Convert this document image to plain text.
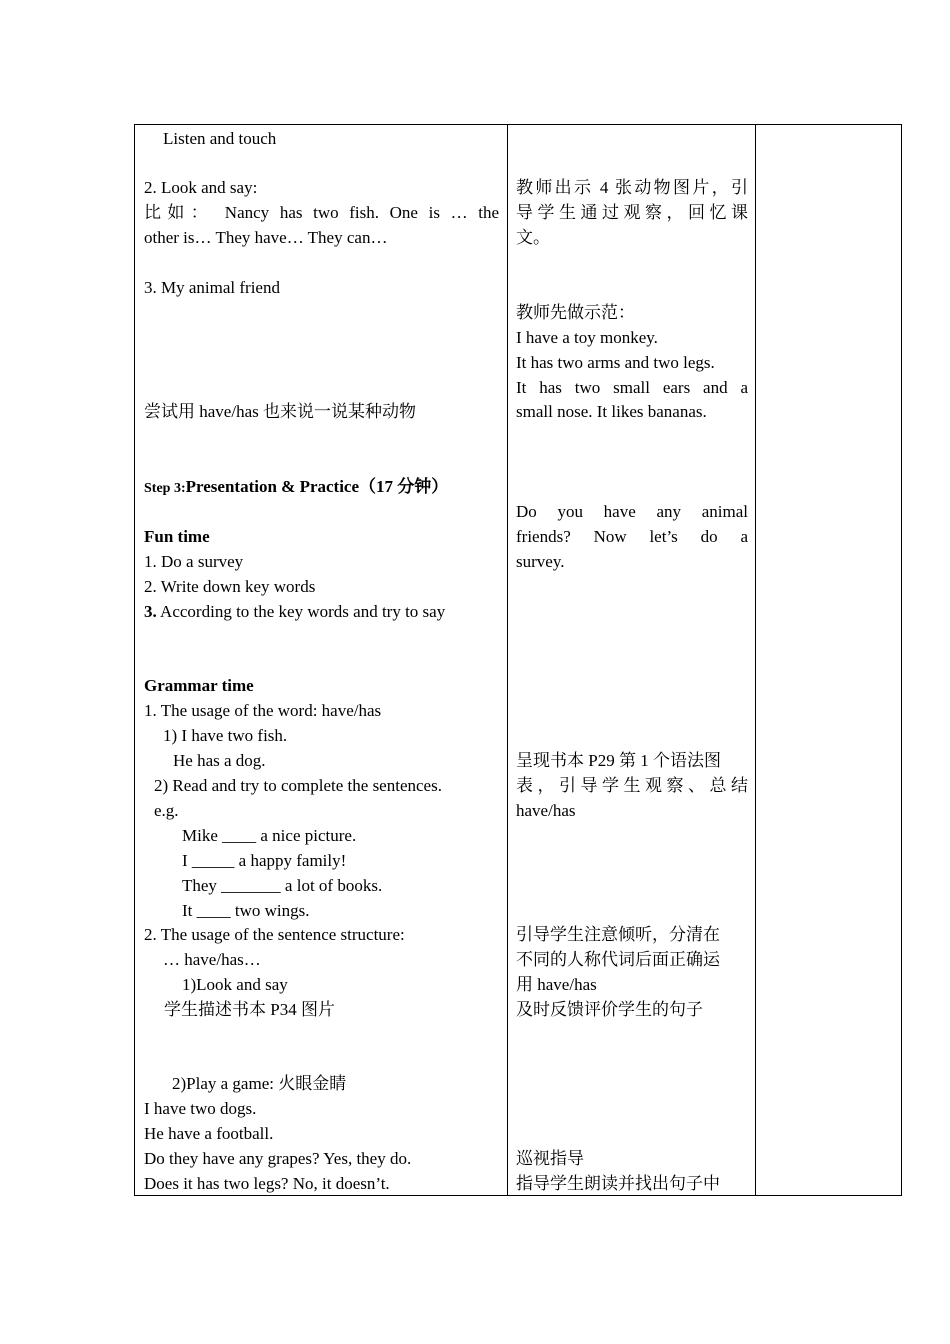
Listen and touch
2. Look and say:
比如： Nancy has two fish. One is … the
other is… They have… They can…
3. My animal friend
尝试用 have/has 也来说一说某种动物
Step 3:Presentation & Practice（17 分钟）
Fun time
1. Do a survey
2. Write down key words
3. According to the key words and try to say
Grammar time
1. The usage of the word: have/has
1) I have two fish.
He has a dog.
2) Read and try to complete the sentences.
e.g.
Mike ____ a nice picture.
I _____ a happy family!
They _______ a lot of books.
It ____ two wings.
2. The usage of the sentence structure:
… have/has…
1)Look and say
学生描述书本 P34 图片
2)Play a game: 火眼金睛
I have two dogs.
He have a football.
Do they have any grapes? Yes, they do.
Does it has two legs? No, it doesn’t.
教师出示 4 张动物图片，引
导学生通过观察，回忆课
文。
教师先做示范：
I have a toy monkey.
It has two arms and two legs.
It has two small ears and a
small nose. It likes bananas.
Do you have any animal
friends? Now let’s do a
survey.
呈现书本 P29 第 1 个语法图
表，引导学生观察、总结
have/has
引导学生注意倾听，分清在
不同的人称代词后面正确运
用 have/has
及时反馈评价学生的句子
巡视指导
指导学生朗读并找出句子中
